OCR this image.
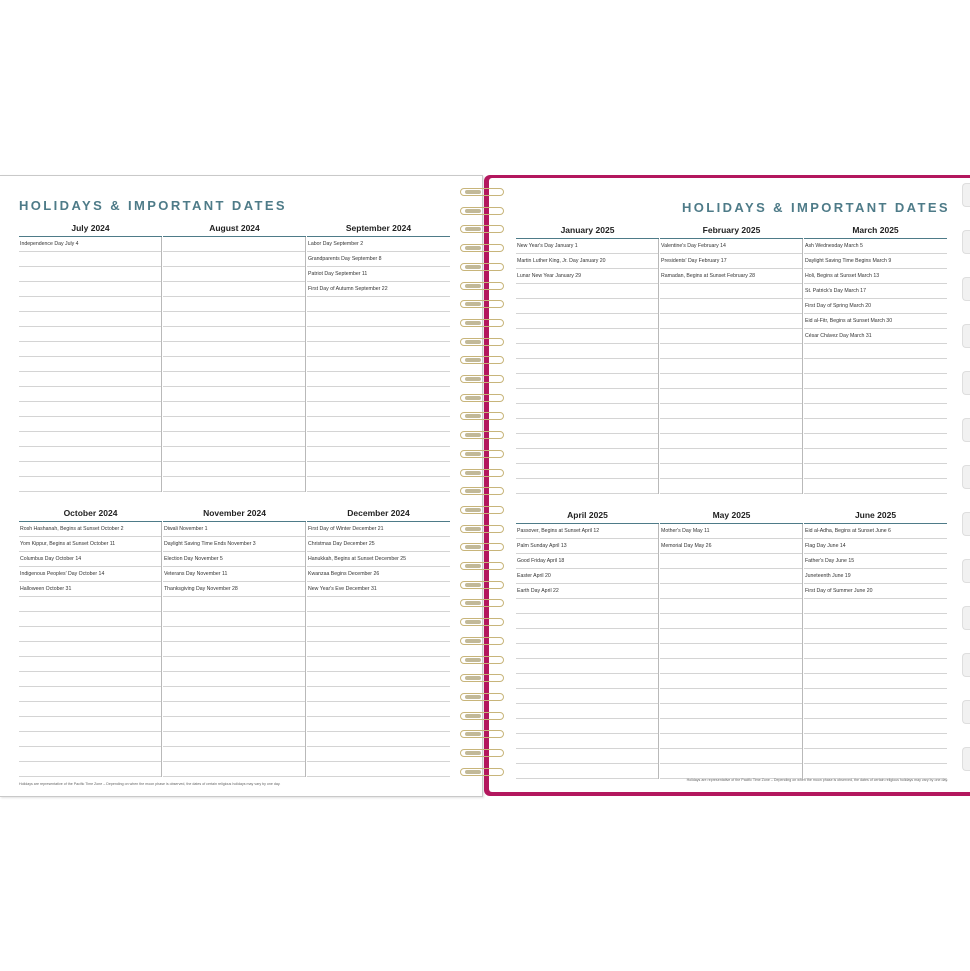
HOLIDAYS & IMPORTANT DATES
July 2024
Independence Day July 4
August 2024	September 2024
Labor Day September 2
Grandparents Day September 8
Patriot Day September 11
First Day of Autumn September 22
October 2024
Rosh Hashanah, Begins at Sunset October 2
Yom Kippur, Begins at Sunset October 11
Columbus Day October 14
Indigenous Peoples' Day October 14
Halloween October 31
November 2024
Diwali November 1
Daylight Saving Time Ends November 3
Election Day November 5
Veterans Day November 11
Thanksgiving Day November 28
December 2024
First Day of Winter December 21
Christmas Day December 25
Hanukkah, Begins at Sunset December 25
Kwanzaa Begins December 26
New Year's Eve December 31
Holidays are representative of the Pacific Time Zone – Depending on when the moon phase is observed, the dates of certain religious holidays may vary by one day.
HOLIDAYS & IMPORTANT DATES
January 2025
New Year's Day January 1
Martin Luther King, Jr. Day January 20
Lunar New Year January 29
February 2025
Valentine's Day February 14
Presidents' Day February 17
Ramadan, Begins at Sunset February 28
March 2025
Ash Wednesday March 5
Daylight Saving Time Begins March 9
Holi, Begins at Sunset March 13
St. Patrick's Day March 17
First Day of Spring March 20
Eid al-Fitr, Begins at Sunset March 30
César Chávez Day March 31
April 2025
Passover, Begins at Sunset April 12
Palm Sunday April 13
Good Friday April 18
Easter April 20
Earth Day April 22
May 2025
Mother's Day May 11
Memorial Day May 26
June 2025
Eid al-Adha, Begins at Sunset June 6
Flag Day June 14
Father's Day June 15
Juneteenth June 19
First Day of Summer June 20
Holidays are representative of the Pacific Time Zone – Depending on when the moon phase is observed, the dates of certain religious holidays may vary by one day.
